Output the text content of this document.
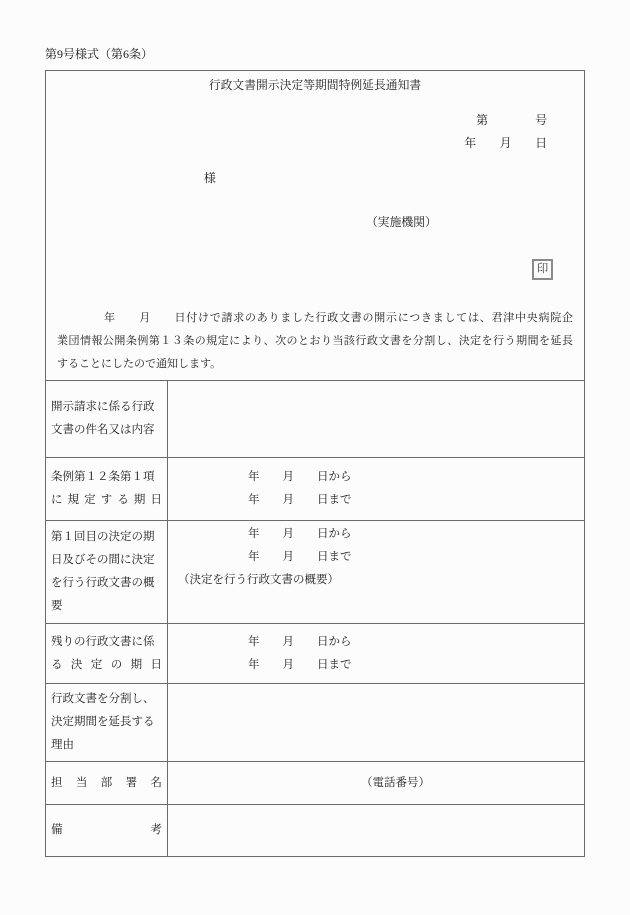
第9号様式（第6条）
行政文書開示決定等期間特例延長通知書
第　　　　号
年　　月　　日
様
（実施機関）
印
　　　　年　　月　　日付けで請求のありました行政文書の開示につきましては、君津中央病院企
業団情報公開条例第１３条の規定により、次のとおり当該行政文書を分割し、決定を行う期間を延長
することにしたので通知します。
開示請求に係る行政
文書の件名又は内容
条例第１２条第１項
に規定する期日
年　　月　　日から
年　　月　　日まで
第１回目の決定の期
日及びその間に決定
を行う行政文書の概
要
年　　月　　日から
年　　月　　日まで
（決定を行う行政文書の概要）
残りの行政文書に係
る決定の期日
年　　月　　日から
年　　月　　日まで
行政文書を分割し、
決定期間を延長する
理由
担当部署名	（電話番号）
備考
